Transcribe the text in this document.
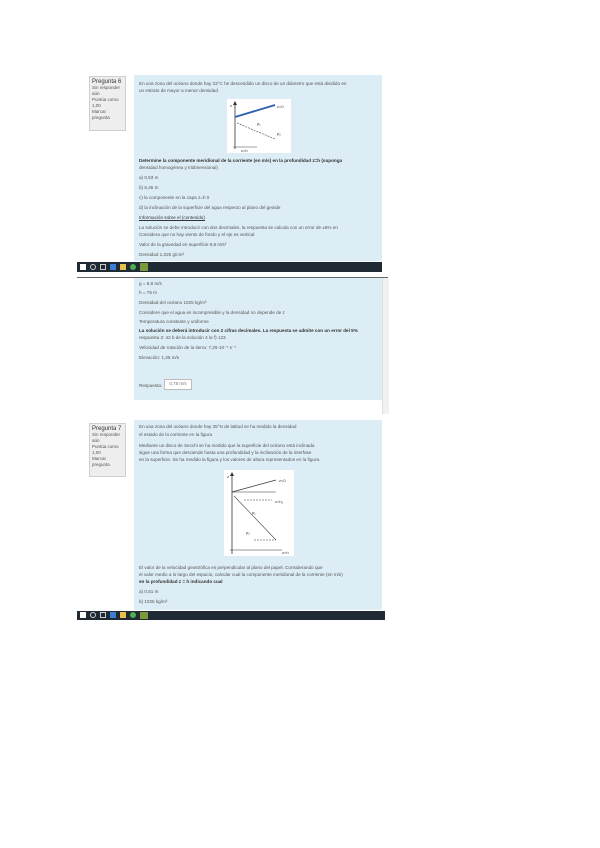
Pregunta 6
Sin responder aún
Puntúa como 1,00
Marcar pregunta
En una zona del océano donde hay 33°C he descendido un disco de un diámetro que está dividido en
un estrato de mayor a menor densidad
z	z=0
ρ₁
ρ₂
z=h
Determine la componente meridional de la corriente (en m/s) en la profundidad z=h (suponga
densidad homogénea y tridimensional)
a) 0,53 m
b) 6,45 m
c) la componente en la capa z=h 0
d) la inclinación de la superficie del agua respecto al plano del geoide
Información sobre el (contenido)
La solución se debe introducir con dos decimales, la respuesta se calcula con un error de ±5% en
Considera que no hay viento de fondo y el eje es vertical
Valor de la gravedad en superficie 9,8 m/s²
Densidad 1,025 g/cm³
g = 9,8 m/s
h = 75 m
Densidad del océano 1025 kg/m³
Considere que el agua es incompresible y la densidad no depende de z
Temperatura constante y uniforme
La solución se deberá introducir con 2 cifras decimales. La respuesta se admite con un error del 5%
respuesta 2: 42 b de la solución 4 la f) 123
Velocidad de rotación de la tierra: 7,29·10⁻⁵ s⁻¹
Elevación: 1,35 m/s
Respuesta:	0,78 m/s
Pregunta 7
Sin responder aún
Puntúa como 1,00
Marcar pregunta
En una zona del océano donde hay 35°N de latitud se ha medido la densidad
el estado de la corriente en la figura
Mediante un disco de Secchi se ha medido que la superficie del océano está inclinada
sigue una forma que desciende hasta una profundidad y la inclinación de la interfase
en la superficie. Se ha medido la figura y los valores de altura representados en la figura.
z
z=0
z=h₁
ρ₁
ρ₂
z=h
El valor de la velocidad geostrófica es perpendicular al plano del papel. Considerando que
el valor medio a lo largo del espacio, calcular cual la componente meridional de la corriente (en m/s)
en la profundidad z = h indicando cual
a) 0,51 m
b) 1025 kg/m³
